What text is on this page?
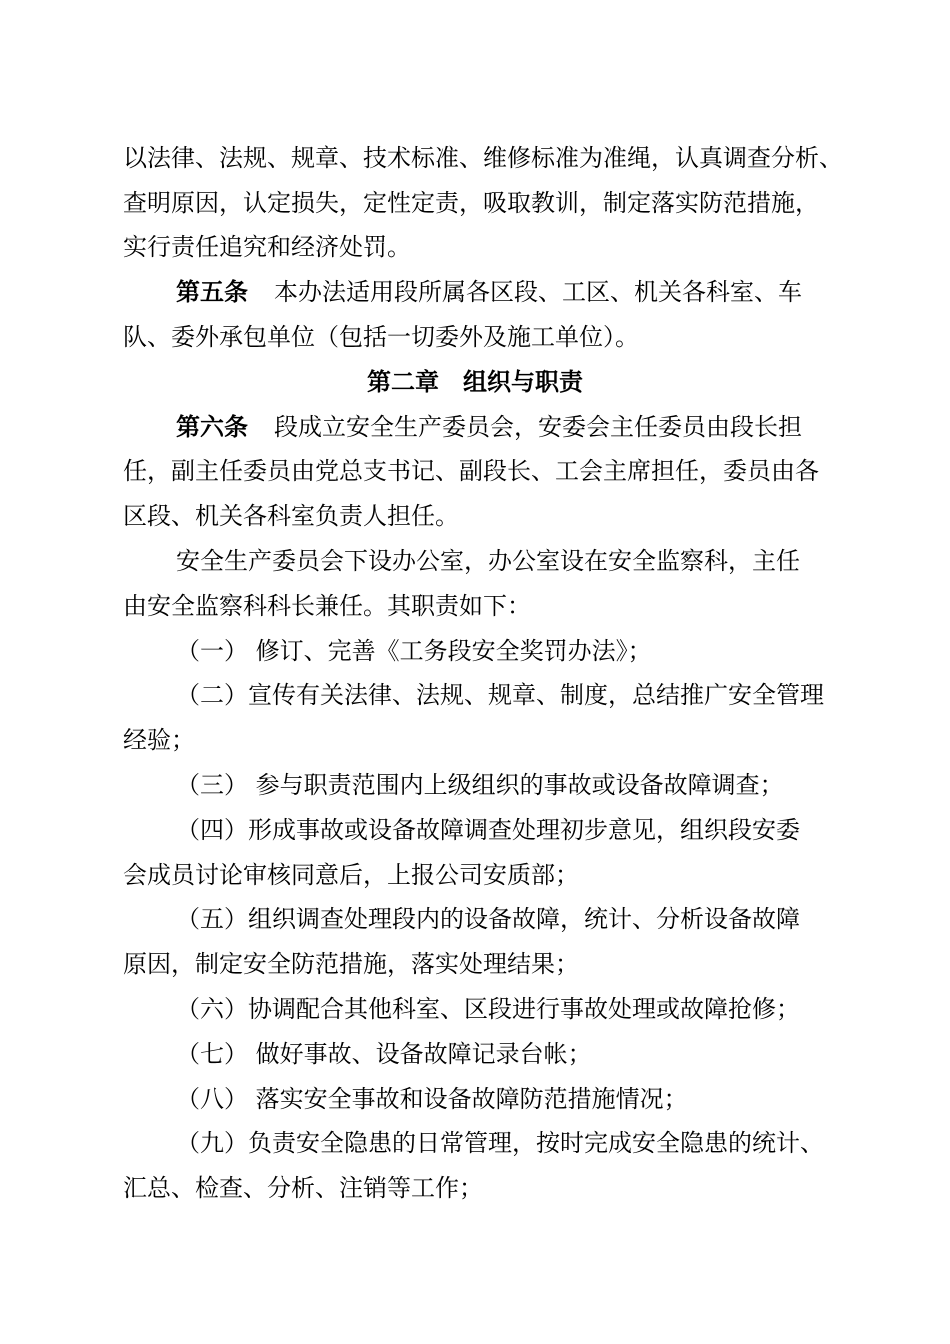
以法律、法规、规章、技术标准、维修标准为准绳，认真调查分析、
查明原因，认定损失，定性定责，吸取教训，制定落实防范措施，
实行责任追究和经济处罚。
第五条 本办法适用段所属各区段、工区、机关各科室、车
队、委外承包单位（包括一切委外及施工单位）。
第二章　组织与职责
第六条 段成立安全生产委员会，安委会主任委员由段长担
任，副主任委员由党总支书记、副段长、工会主席担任，委员由各
区段、机关各科室负责人担任。
安全生产委员会下设办公室，办公室设在安全监察科，主任
由安全监察科科长兼任。其职责如下：
（一） 修订、完善《工务段安全奖罚办法》；
（二）宣传有关法律、法规、规章、制度，总结推广安全管理
经验；
（三） 参与职责范围内上级组织的事故或设备故障调查；
（四）形成事故或设备故障调查处理初步意见，组织段安委
会成员讨论审核同意后，上报公司安质部；
（五）组织调查处理段内的设备故障，统计、分析设备故障
原因，制定安全防范措施，落实处理结果；
（六）协调配合其他科室、区段进行事故处理或故障抢修；
（七） 做好事故、设备故障记录台帐；
（八） 落实安全事故和设备故障防范措施情况；
（九）负责安全隐患的日常管理，按时完成安全隐患的统计、
汇总、检查、分析、注销等工作；
